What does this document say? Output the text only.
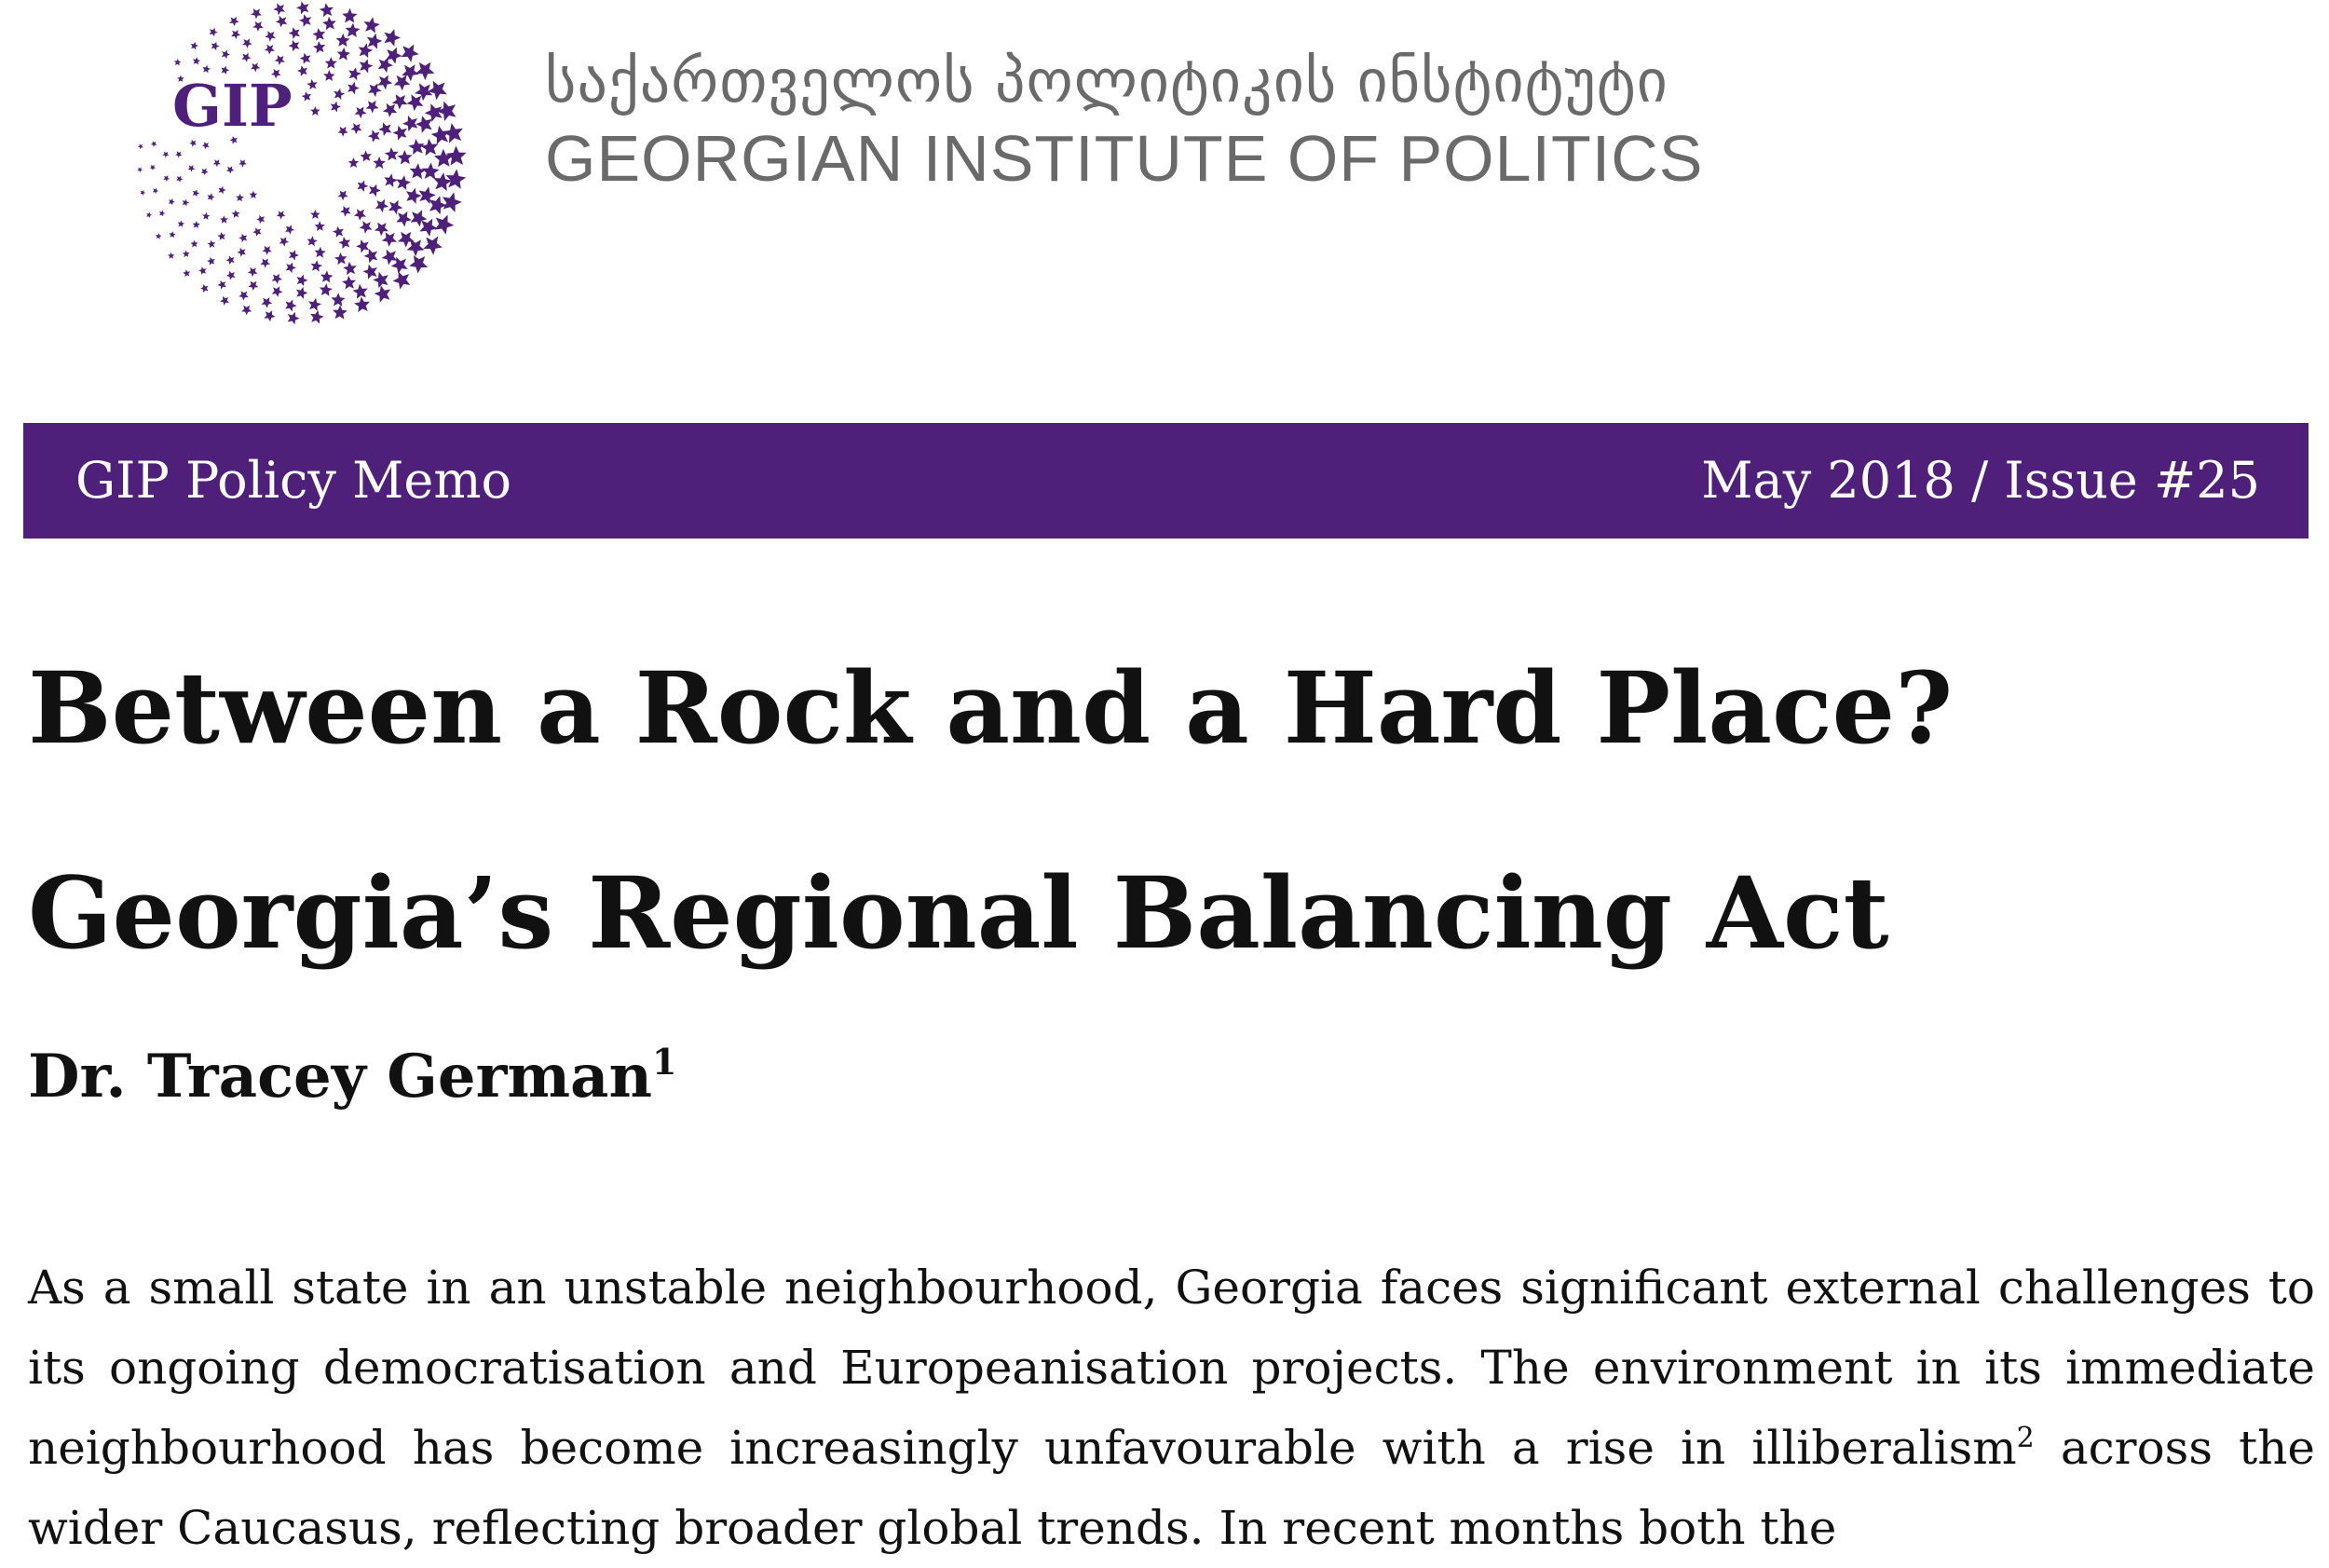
GIP	საქართველოს პოლიტიკის ინსტიტუტი
GEORGIAN INSTITUTE OF POLITICS
GIP Policy Memo	May 2018 / Issue #25
Between a Rock and a Hard Place? Georgia’s Regional Balancing Act
Dr. Tracey German$^1$

As a small state in an unstable neighbourhood, Georgia faces significant external challenges to its ongoing democratisation and Europeanisation projects. The environment in its immediate neighbourhood has become increasingly unfavourable with a rise in illiberalism$^2$ across the wider Caucasus, reflecting broader global trends. In recent months both the
